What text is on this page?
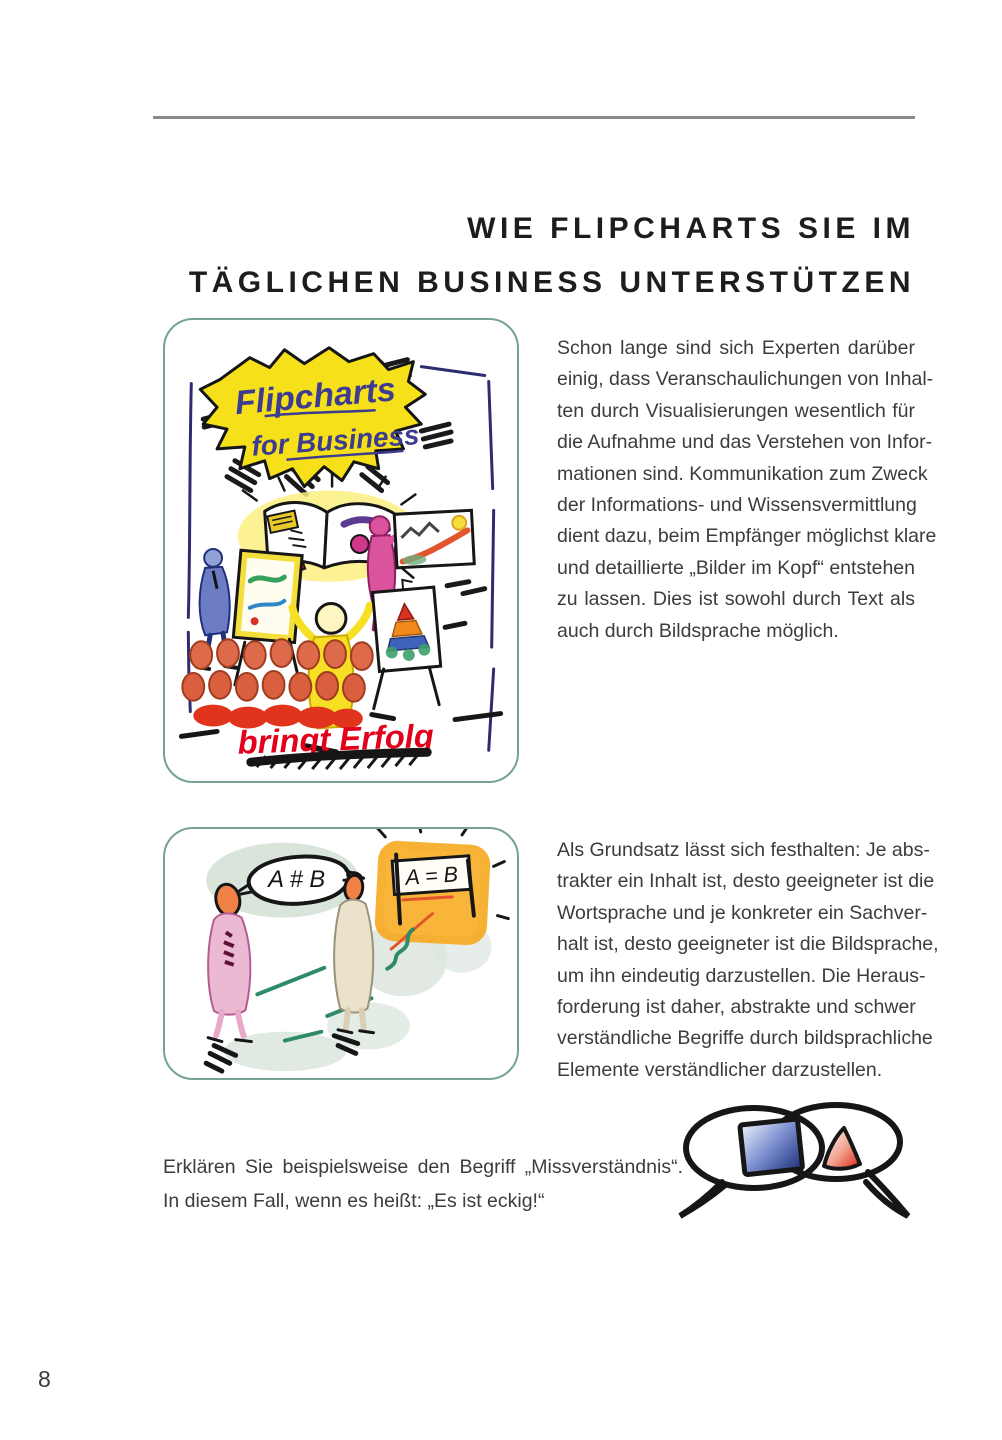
WIE FLIPCHARTS SIE IM
TÄGLICHEN BUSINESS UNTERSTÜTZEN
Flipcharts
for Business
bringt Erfolg
Schon lange sind sich Experten darüber
einig, dass Veranschaulichungen von Inhal-
ten durch Visualisierungen wesentlich für
die Aufnahme und das Verstehen von Infor-
mationen sind. Kommunikation zum Zweck
der Informations- und Wissensvermittlung
dient dazu, beim Empfänger möglichst klare
und detaillierte „Bilder im Kopf“ entstehen
zu lassen. Dies ist sowohl durch Text als
auch durch Bildsprache möglich.
A = B
A # B
Als Grundsatz lässt sich festhalten: Je abs-
trakter ein Inhalt ist, desto geeigneter ist die
Wortsprache und je konkreter ein Sachver-
halt ist, desto geeigneter ist die Bildsprache,
um ihn eindeutig darzustellen. Die Heraus-
forderung ist daher, abstrakte und schwer
verständliche Begriffe durch bildsprachliche
Elemente verständlicher darzustellen.
Erklären Sie beispielsweise den Begriff „Missverständnis“.
In diesem Fall, wenn es heißt: „Es ist eckig!“
8
